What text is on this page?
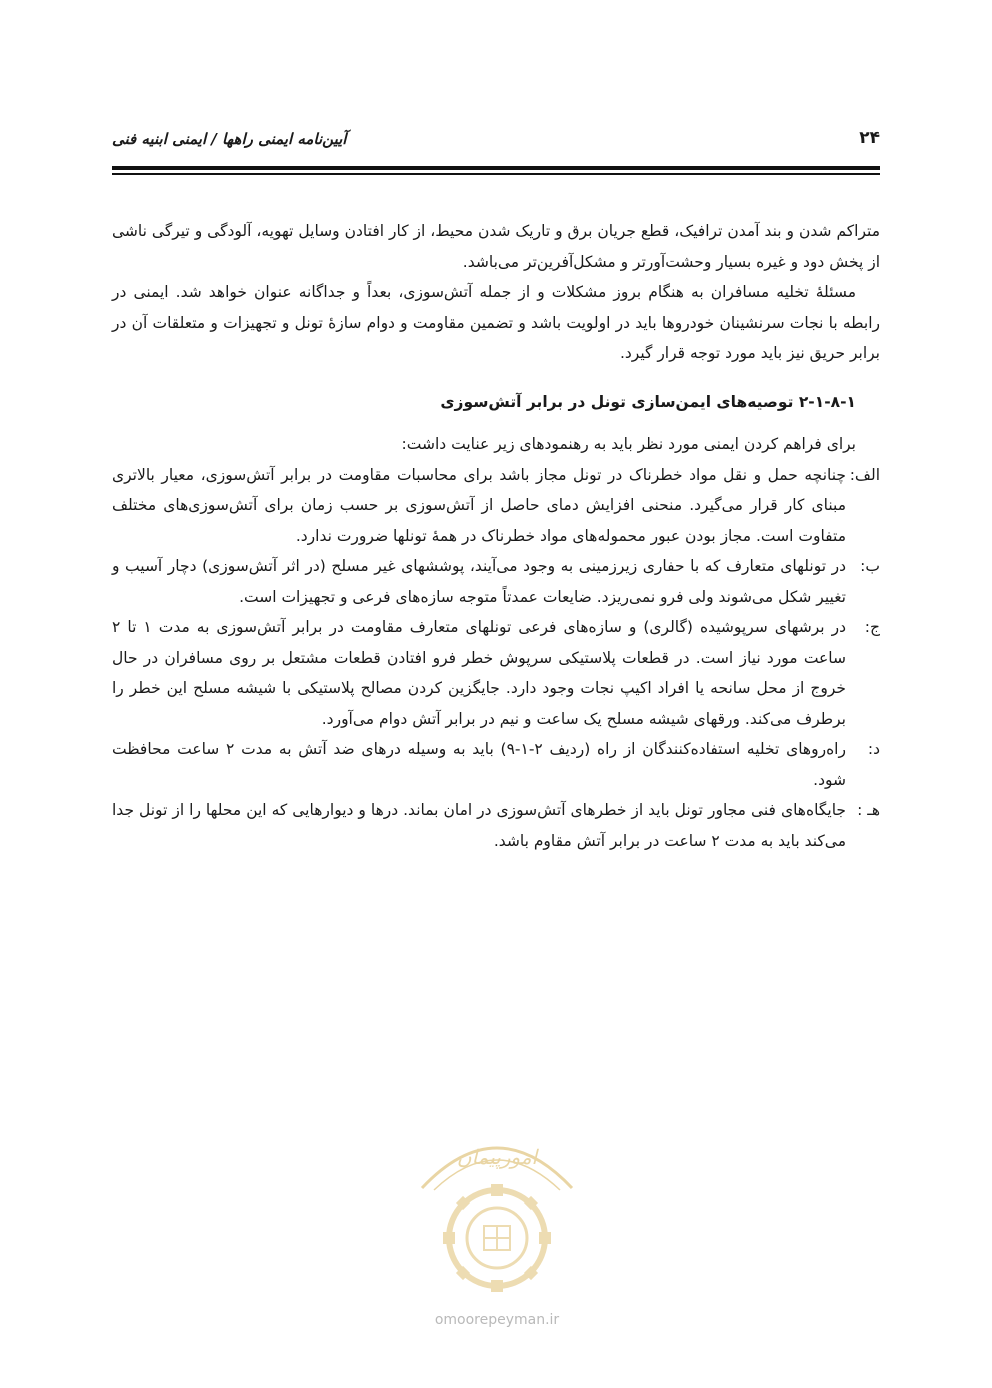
۲۴
آیین‌نامه ایمنی راهها / ایمنی ابنیه فنی

متراکم شدن و بند آمدن ترافیک، قطع جریان برق و تاریک شدن محیط، از کار افتادن وسایل تهویه، آلودگی و تیرگی ناشی از پخش دود و غیره بسیار وحشت‌آورتر و مشکل‌آفرین‌تر می‌باشد.

مسئلهٔ تخلیه مسافران به هنگام بروز مشکلات و از جمله آتش‌سوزی، بعداً و جداگانه عنوان خواهد شد. ایمنی در رابطه با نجات سرنشینان خودروها باید در اولویت باشد و تضمین مقاومت و دوام سازهٔ تونل و تجهیزات و متعلقات آن در برابر حریق نیز باید مورد توجه قرار گیرد.

۲-۱-۸-۱ توصیه‌های ایمن‌سازی تونل در برابر آتش‌سوزی

برای فراهم کردن ایمنی مورد نظر باید به رهنمودهای زیر عنایت داشت:

الف:
چنانچه حمل و نقل مواد خطرناک در تونل مجاز باشد برای محاسبات مقاومت در برابر آتش‌سوزی، معیار بالاتری مبنای کار قرار می‌گیرد. منحنی افزایش دمای حاصل از آتش‌سوزی بر حسب زمان برای آتش‌سوزی‌های مختلف متفاوت است. مجاز بودن عبور محموله‌های مواد خطرناک در همهٔ تونلها ضرورت ندارد.
ب:
در تونلهای متعارف که با حفاری زیرزمینی به وجود می‌آیند، پوششهای غیر مسلح (در اثر آتش‌سوزی) دچار آسیب و تغییر شکل می‌شوند ولی فرو نمی‌ریزد. ضایعات عمدتاً متوجه سازه‌های فرعی و تجهیزات است.
ج:
در برشهای سرپوشیده (گالری) و سازه‌های فرعی تونلهای متعارف مقاومت در برابر آتش‌سوزی به مدت ۱ تا ۲ ساعت مورد نیاز است. در قطعات پلاستیکی سرپوش خطر فرو افتادن قطعات مشتعل بر روی مسافران در حال خروج از محل سانحه یا افراد اکیپ نجات وجود دارد. جایگزین کردن مصالح پلاستیکی با شیشه مسلح این خطر را برطرف می‌کند. ورقهای شیشه مسلح یک ساعت و نیم در برابر آتش دوام می‌آورد.
د:
راه‌روهای تخلیه استفاده‌کنندگان از راه (ردیف ۲-۱-۹) باید به وسیله درهای ضد آتش به مدت ۲ ساعت محافظت شود.
هـ :
جایگاه‌های فنی مجاور تونل باید از خطرهای آتش‌سوزی در امان بماند. درها و دیوارهایی که این محلها را از تونل جدا می‌کند باید به مدت ۲ ساعت در برابر آتش مقاوم باشد.
امورپیمان
omoorepeyman.ir
